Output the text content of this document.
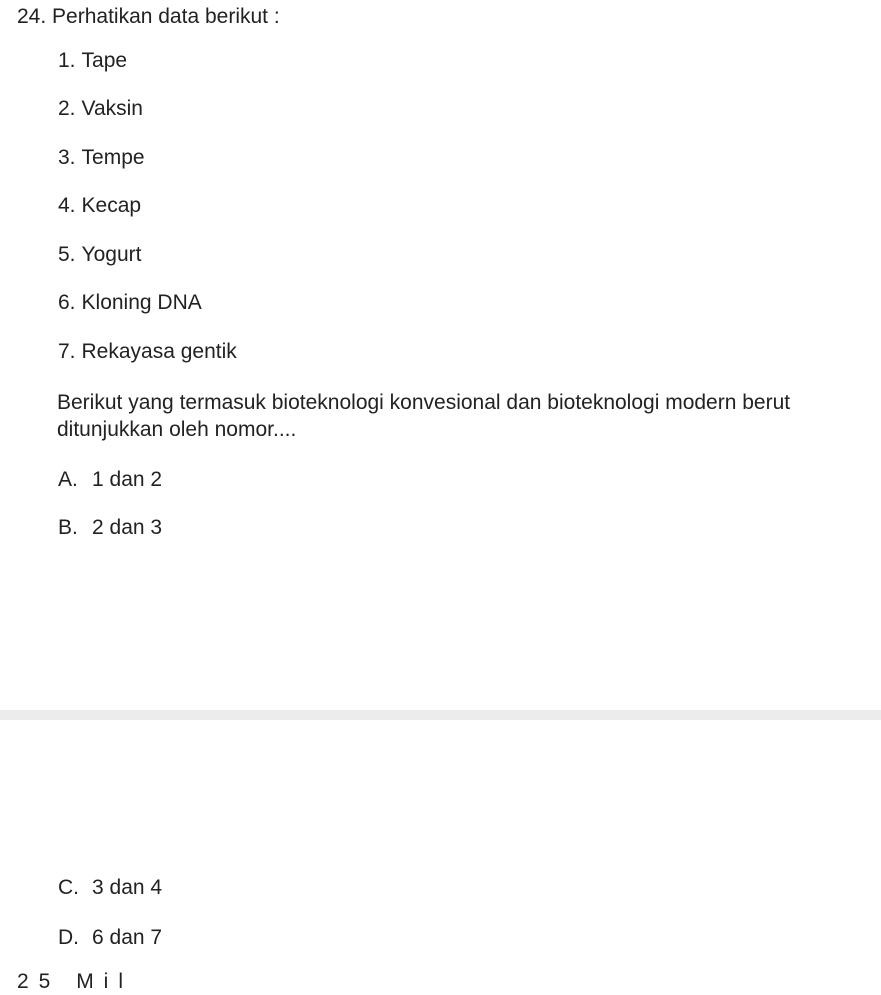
24. Perhatikan data berikut :
1. Tape
2. Vaksin
3. Tempe
4. Kecap
5. Yogurt
6. Kloning DNA
7. Rekayasa gentik
Berikut yang termasuk bioteknologi konvesional dan bioteknologi modern berut
ditunjukkan oleh nomor....
A. 1 dan 2
B. 2 dan 3
C. 3 dan 4
D. 6 dan 7
25 Mil
